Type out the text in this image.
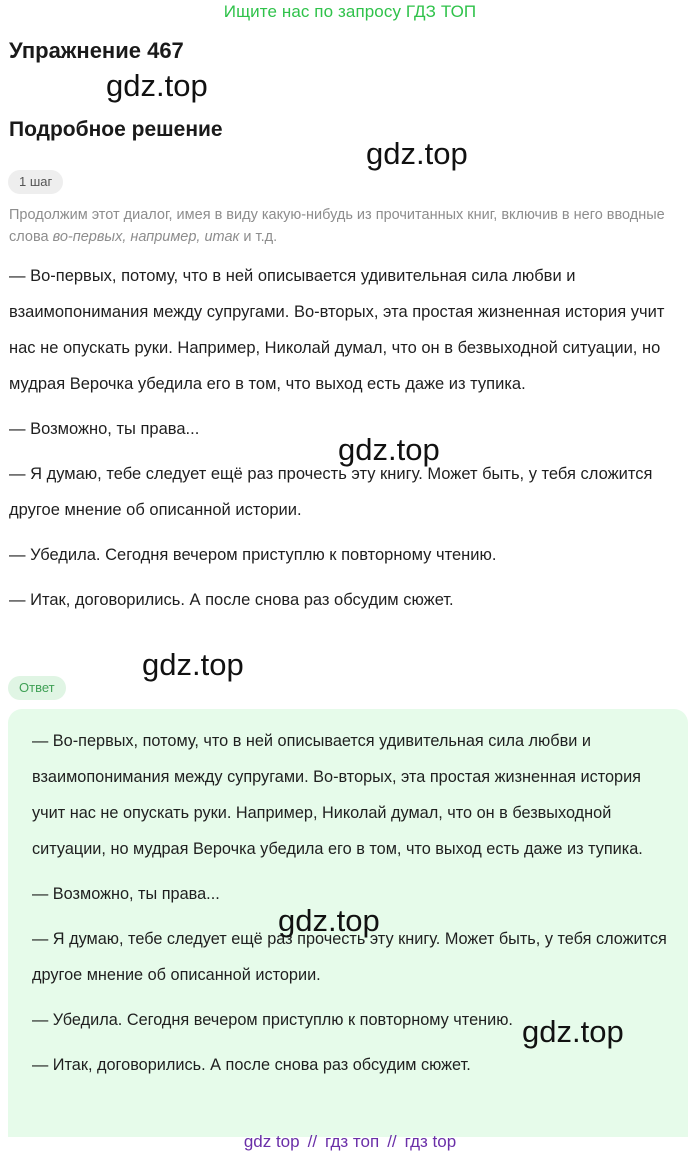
Ищите нас по запросу ГДЗ ТОП
Упражнение 467
Подробное решение
1 шаг

Продолжим этот диалог, имея в виду какую-нибудь из прочитанных книг, включив в него вводные слова во-первых, например, итак и т.д.

— Во-первых, потому, что в ней описывается удивительная сила любви и взаимопонимания между супругами. Во-вторых, эта простая жизненная история учит нас не опускать руки. Например, Николай думал, что он в безвыходной ситуации, но мудрая Верочка убедила его в том, что выход есть даже из тупика.

— Возможно, ты права...

— Я думаю, тебе следует ещё раз прочесть эту книгу. Может быть, у тебя сложится другое мнение об описанной истории.

— Убедила. Сегодня вечером приступлю к повторному чтению.

— Итак, договорились. А после снова раз обсудим сюжет.

Ответ

— Во-первых, потому, что в ней описывается удивительная сила любви и взаимопонимания между супругами. Во-вторых, эта простая жизненная история учит нас не опускать руки. Например, Николай думал, что он в безвыходной ситуации, но мудрая Верочка убедила его в том, что выход есть даже из тупика.

— Возможно, ты права...

— Я думаю, тебе следует ещё раз прочесть эту книгу. Может быть, у тебя сложится другое мнение об описанной истории.

— Убедила. Сегодня вечером приступлю к повторному чтению.

— Итак, договорились. А после снова раз обсудим сюжет.

gdz.top
gdz.top
gdz.top
gdz.top
gdz.top
gdz.top
gdz top // гдз топ // гдз top
